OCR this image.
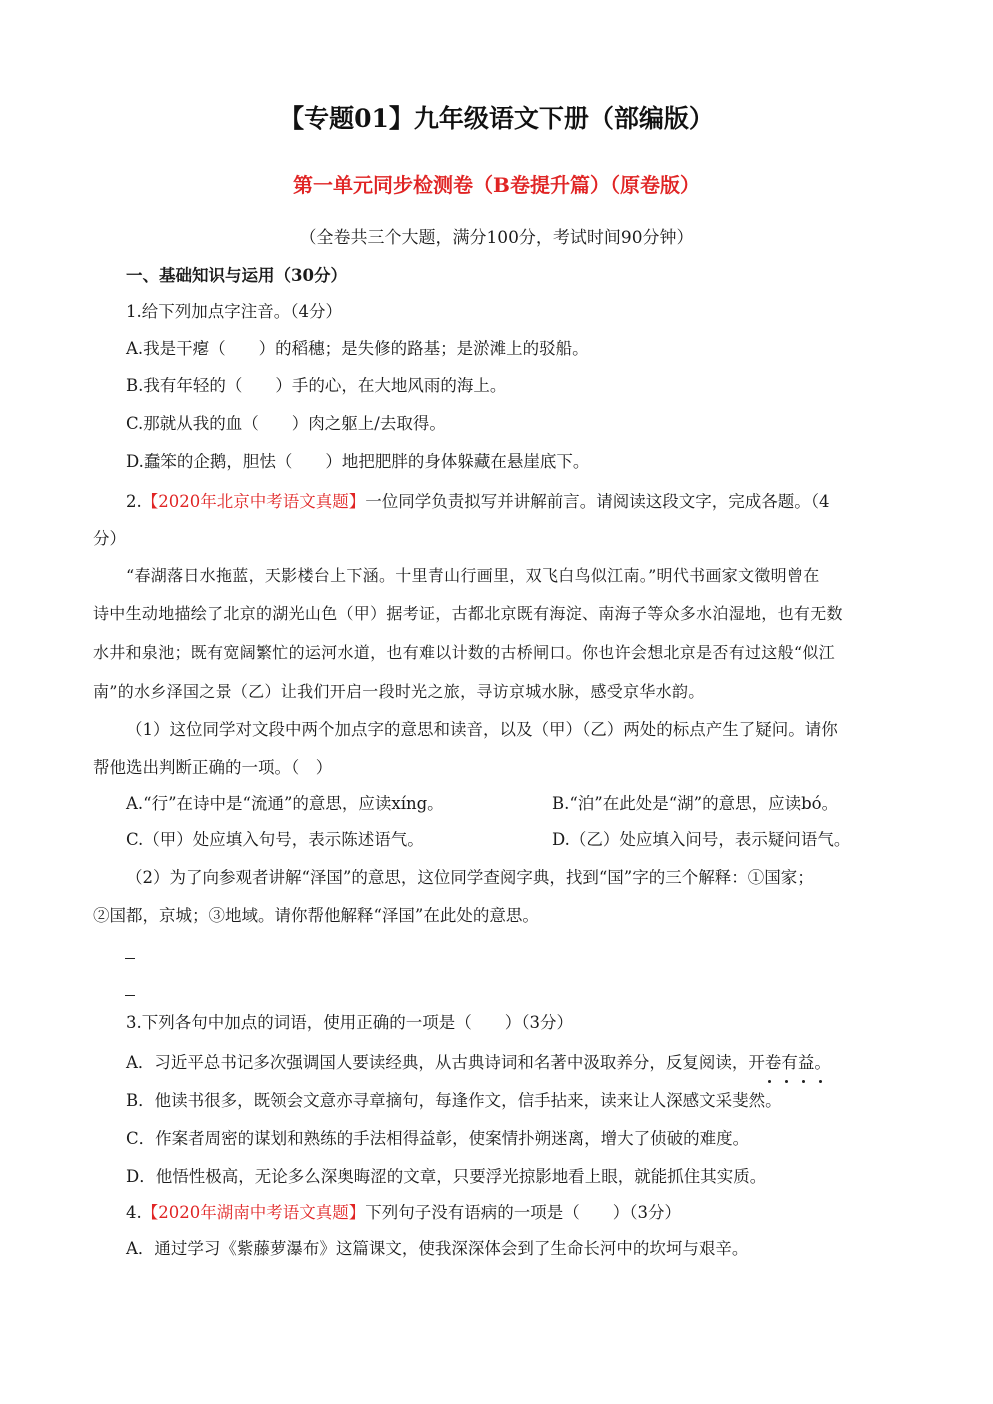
【专题01】九年级语文下册（部编版）
第一单元同步检测卷（B卷提升篇）（原卷版）
（全卷共三个大题，满分100分，考试时间90分钟）
一、基础知识与运用（30分）
1.给下列加点字注音。（4分）
A.我是干瘪（　　）的稻穗；是失修的路基；是淤滩上的驳船。
B.我有年轻的（　　）手的心，在大地风雨的海上。
C.那就从我的血（　　）肉之躯上/去取得。
D.蠢笨的企鹅，胆怯（　　）地把肥胖的身体躲藏在悬崖底下。
2.【2020年北京中考语文真题】一位同学负责拟写并讲解前言。请阅读这段文字，完成各题。（4
分）
“春湖落日水拖蓝，天影楼台上下涵。十里青山行画里，双飞白鸟似江南。”明代书画家文徵明曾在
诗中生动地描绘了北京的湖光山色（甲）据考证，古都北京既有海淀、南海子等众多水泊湿地，也有无数
水井和泉池；既有宽阔繁忙的运河水道，也有难以计数的古桥闸口。你也许会想北京是否有过这般“似江
南”的水乡泽国之景（乙）让我们开启一段时光之旅，寻访京城水脉，感受京华水韵。
（1）这位同学对文段中两个加点字的意思和读音，以及（甲）（乙）两处的标点产生了疑问。请你
帮他选出判断正确的一项。（　）
A.“行”在诗中是“流通”的意思，应读xíng。	B.“泊”在此处是“湖”的意思，应读bó。
C.（甲）处应填入句号，表示陈述语气。	D.（乙）处应填入问号，表示疑问语气。
（2）为了向参观者讲解“泽国”的意思，这位同学查阅字典，找到“国”字的三个解释：①国家；
②国都，京城；③地域。请你帮他解释“泽国”在此处的意思。
3.下列各句中加点的词语，使用正确的一项是（　　）（3分）
A．习近平总书记多次强调国人要读经典，从古典诗词和名著中汲取养分，反复阅读，开卷有益。
B．他读书很多，既领会文意亦寻章摘句，每逢作文，信手拈来，读来让人深感文采斐然。
C．作案者周密的谋划和熟练的手法相得益彰，使案情扑朔迷离，增大了侦破的难度。
D．他悟性极高，无论多么深奥晦涩的文章，只要浮光掠影地看上眼，就能抓住其实质。
4.【2020年湖南中考语文真题】下列句子没有语病的一项是（　　）（3分）
A．通过学习《紫藤萝瀑布》这篇课文，使我深深体会到了生命长河中的坎坷与艰辛。
